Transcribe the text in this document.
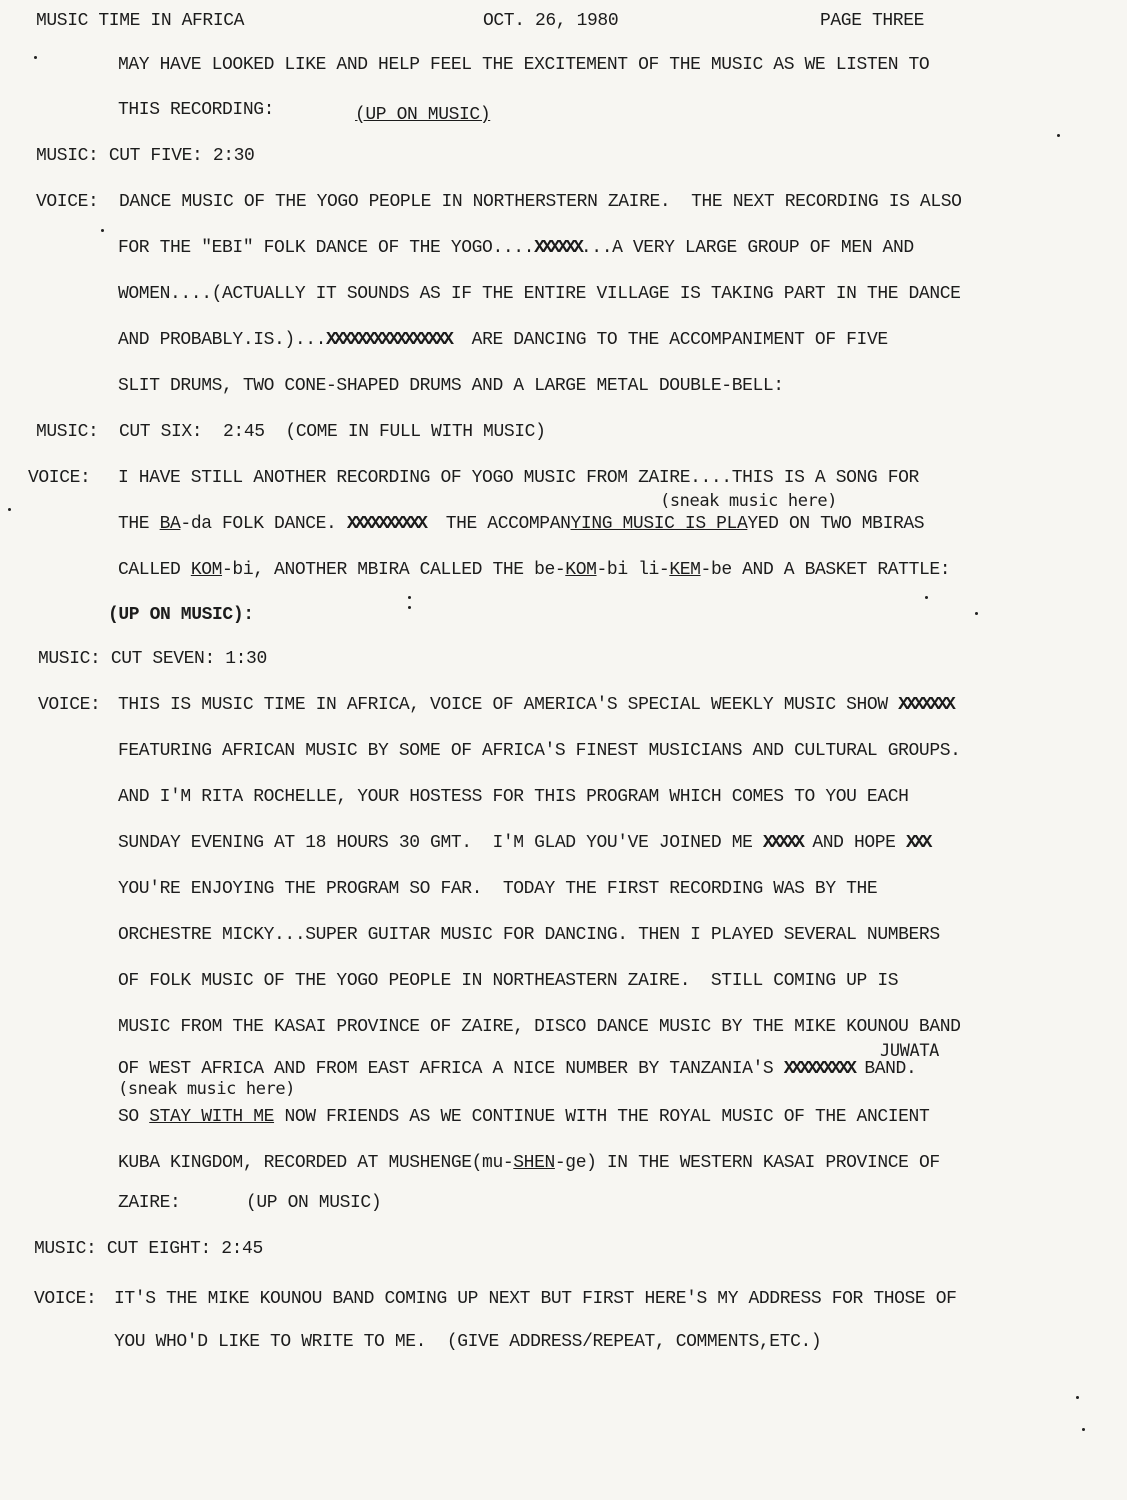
MUSIC TIME IN AFRICA	OCT. 26, 1980	PAGE THREE
MAY HAVE LOOKED LIKE AND HELP FEEL THE EXCITEMENT OF THE MUSIC AS WE LISTEN TO
THIS RECORDING:	(UP ON MUSIC)
MUSIC: CUT FIVE: 2:30
VOICE: DANCE MUSIC OF THE YOGO PEOPLE IN NORTHERSTERN ZAIRE.  THE NEXT RECORDING IS ALSO
FOR THE "EBI" FOLK DANCE OF THE YOGO....XXXXXX...A VERY LARGE GROUP OF MEN AND
WOMEN....(ACTUALLY IT SOUNDS AS IF THE ENTIRE VILLAGE IS TAKING PART IN THE DANCE
AND PROBABLY.IS.)...XXXXXXXXXXXXXXXX  ARE DANCING TO THE ACCOMPANIMENT OF FIVE
SLIT DRUMS, TWO CONE-SHAPED DRUMS AND A LARGE METAL DOUBLE-BELL:
MUSIC: CUT SIX:  2:45  (COME IN FULL WITH MUSIC)
VOICE: I HAVE STILL ANOTHER RECORDING OF YOGO MUSIC FROM ZAIRE....THIS IS A SONG FOR
(sneak music here)
THE BA-da FOLK DANCE. XXXXXXXXXX  THE ACCOMPANYING MUSIC IS PLAYED ON TWO MBIRAS
CALLED KOM-bi, ANOTHER MBIRA CALLED THE be-KOM-bi li-KEM-be AND A BASKET RATTLE:
(UP ON MUSIC):
MUSIC: CUT SEVEN: 1:30
VOICE: THIS IS MUSIC TIME IN AFRICA, VOICE OF AMERICA'S SPECIAL WEEKLY MUSIC SHOW XXXXXXX
FEATURING AFRICAN MUSIC BY SOME OF AFRICA'S FINEST MUSICIANS AND CULTURAL GROUPS.
AND I'M RITA ROCHELLE, YOUR HOSTESS FOR THIS PROGRAM WHICH COMES TO YOU EACH
SUNDAY EVENING AT 18 HOURS 30 GMT.  I'M GLAD YOU'VE JOINED ME XXXXX AND HOPE XXX
YOU'RE ENJOYING THE PROGRAM SO FAR.  TODAY THE FIRST RECORDING WAS BY THE
ORCHESTRE MICKY...SUPER GUITAR MUSIC FOR DANCING. THEN I PLAYED SEVERAL NUMBERS
OF FOLK MUSIC OF THE YOGO PEOPLE IN NORTHEASTERN ZAIRE.  STILL COMING UP IS
MUSIC FROM THE KASAI PROVINCE OF ZAIRE, DISCO DANCE MUSIC BY THE MIKE KOUNOU BAND
JUWATA
OF WEST AFRICA AND FROM EAST AFRICA A NICE NUMBER BY TANZANIA'S XXXXXXXXX BAND.
(sneak music here)
SO STAY WITH ME NOW FRIENDS AS WE CONTINUE WITH THE ROYAL MUSIC OF THE ANCIENT
KUBA KINGDOM, RECORDED AT MUSHENGE(mu-SHEN-ge) IN THE WESTERN KASAI PROVINCE OF
ZAIRE:	(UP ON MUSIC)
MUSIC: CUT EIGHT: 2:45
VOICE: IT'S THE MIKE KOUNOU BAND COMING UP NEXT BUT FIRST HERE'S MY ADDRESS FOR THOSE OF
YOU WHO'D LIKE TO WRITE TO ME.  (GIVE ADDRESS/REPEAT, COMMENTS,ETC.)
